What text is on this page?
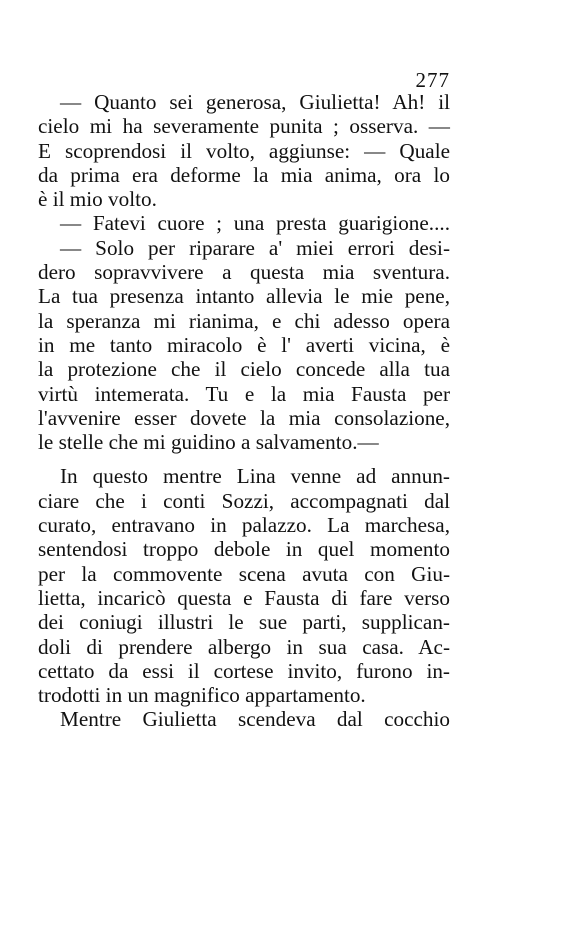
277
— Quanto sei generosa, Giulietta! Ah! il
cielo mi ha severamente punita ; osserva. —
E scoprendosi il volto, aggiunse: — Quale
da prima era deforme la mia anima, ora lo
è il mio volto.
— Fatevi cuore ; una presta guarigione....
— Solo per riparare a' miei errori desi-
dero sopravvivere a questa mia sventura.
La tua presenza intanto allevia le mie pene,
la speranza mi rianima, e chi adesso opera
in me tanto miracolo è l' averti vicina, è
la protezione che il cielo concede alla tua
virtù intemerata. Tu e la mia Fausta per
l'avvenire esser dovete la mia consolazione,
le stelle che mi guidino a salvamento.—
In questo mentre Lina venne ad annun-
ciare che i conti Sozzi, accompagnati dal
curato, entravano in palazzo. La marchesa,
sentendosi troppo debole in quel momento
per la commovente scena avuta con Giu-
lietta, incaricò questa e Fausta di fare verso
dei coniugi illustri le sue parti, supplican-
doli di prendere albergo in sua casa. Ac-
cettato da essi il cortese invito, furono in-
trodotti in un magnifico appartamento.
Mentre Giulietta scendeva dal cocchio
